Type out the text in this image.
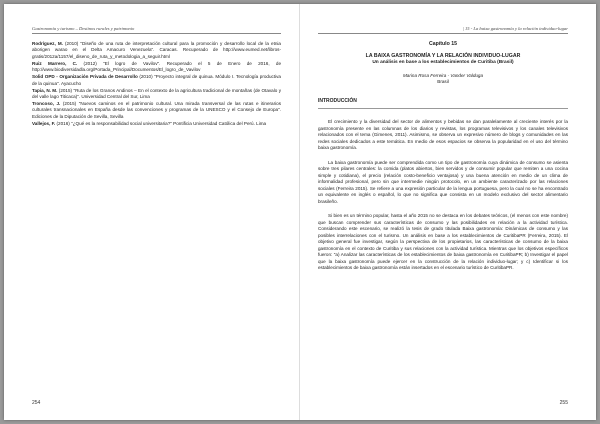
Gastronomía y turismo – Destinos rurales y patrimonio

Rodríguez, M. (2010) "Diseño de una ruta de interpretación cultural para la promoción y desarrollo local de la etnia aborigen warao en el Delta Amacuro Venezuela". Caracas. Recuperado de http://www.eumed.net/libros-gratis/2012a/1157/el_diseno_de_ruta_y_metodologia_a_seguir.html

Ruiz Marrero, C. (2012) "El logro de Vavilov". Recuperado el 5 de Enero de 2016, de http://www.biodiversidadla.org/Portada_Principal/Documentos/El_logro_de_Vavilov

Solid OPD - Organización Privada de Desarrollo (2010) "Proyecto integral de quinua. Módulo I. Tecnología productiva de la quinua". Ayacucho

Tapia, N. M. (2015) "Ruta de los Granos Andinos – En el contexto de la agricultura tradicional de montañas (de Otavalo y del valle lago Titicaca)". Universidad Central del Sur, Lima

Troncoso, J. (2015) "Nuevos caminos en el patrimonio cultural. Una mirada transversal de las rutas e itinerarios culturales transnacionales en España desde las convenciones y programas de la UNESCO y el Consejo de Europa". Ediciones de la Diputación de Sevilla, Sevilla

Vallejos, F. (2016) "¿Qué es la responsabilidad social universitaria?" Pontificia Universidad Católica del Perú. Lima

254
| 15 - La baixa gastronomía y la relación individuo-lugar

Capítulo 15

LA BAIXA GASTRONOMÍA Y LA RELACIÓN INDIVIDUO-LUGAR

Un análisis en base a los establecimientos de Curitiba (Brasil)

Marina Rosa Ferreira - Vander Valduga

Brasil

INTRODUCCIÓN

El crecimiento y la diversidad del sector de alimentos y bebidas se dan paralelamente al creciente interés por la gastronomía presente en las columnas de los diarios y revistas, los programas televisivos y los canales televisivos relacionados con el tema (Gimenes, 2011). Asimismo, se observa un expresivo número de blogs y comunidades en las redes sociales dedicados a este temática. En medio de esos espacios se observa la popularidad en el uso del término baixa gastronomía.

La baixa gastronomía puede ser comprendida como un tipo de gastronomía cuya dinámica de consumo se asienta sobre tres pilares centrales: la comida (platos abiertos, bien servidos y de consumir popular que remiten a una cocina simple y cotidiana), el precio (relación costo-beneficio ventajosa) y una buena atención en medio de un clima de informalidad profesional, pero sin que intermedie ningún protocolo, en un ambiente caracterizado por las relaciones sociales (Ferreira 2015). Se refiere a una expresión particular de la lengua portuguesa, pero la cual no se ha encontrado un equivalente en inglés o español, lo que no significa que consista en un modelo exclusivo del sector alimentario brasileño.

Si bien es un término popular, hasta el año 2015 no se destaca en los debates teóricos, (el menos con este nombre) que buscan comprender sus características de consumo y las posibilidades en relación a la actividad turística. Considerando este escenario, se realizó la tesis de grado titulada Baixa gastronomía: Dinámicas de consumo y las posibles interrelaciones con el turismo. Un análisis en base a los establecimientos de CuritibaPR (Ferreira, 2015). El objetivo general fue investigar, según la perspectiva de los propietarios, las características de consumo de la baixa gastronomía en el contexto de Curitiba y sus relaciones con la actividad turística. Mientras que los objetivos específicos fueron: "a) Analizar las características de los establecimientos de baixa gastronomía en CuritibaPR; b) Investigar el papel que la baixa gastronomía puede ejercer en la construcción de la relación individuo-lugar; y c) Identificar si los establecimientos de baixa gastronomía están insertados en el escenario turístico de CuritibaPR.

255
